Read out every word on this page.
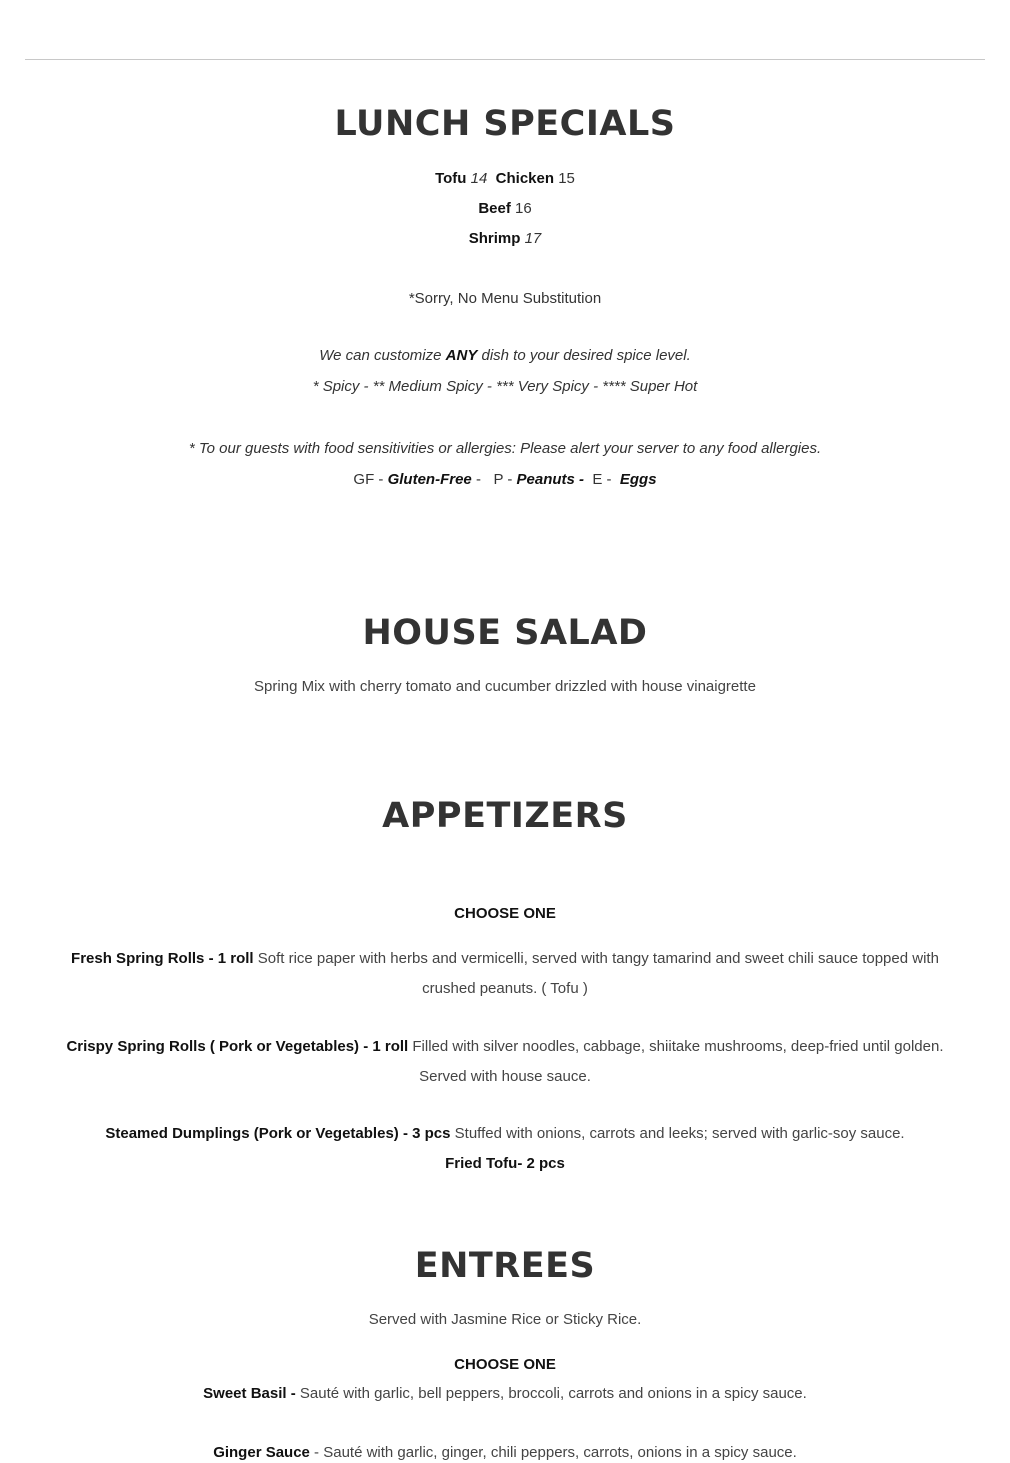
LUNCH SPECIALS
Tofu 14 Chicken 15
Beef 16
Shrimp 17
*Sorry, No Menu Substitution
We can customize ANY dish to your desired spice level.
* Spicy - ** Medium Spicy - *** Very Spicy - **** Super Hot
* To our guests with food sensitivities or allergies: Please alert your server to any food allergies.
GF - Gluten-Free -   P - Peanuts -  E -  Eggs
HOUSE SALAD
Spring Mix with cherry tomato and cucumber drizzled with house vinaigrette
APPETIZERS
CHOOSE ONE
Fresh Spring Rolls - 1 roll Soft rice paper with herbs and vermicelli, served with tangy tamarind and sweet chili sauce topped with
crushed peanuts. ( Tofu )
Crispy Spring Rolls ( Pork or Vegetables) - 1 roll Filled with silver noodles, cabbage, shiitake mushrooms, deep-fried until golden.
Served with house sauce.
Steamed Dumplings (Pork or Vegetables) - 3 pcs Stuffed with onions, carrots and leeks; served with garlic-soy sauce.
Fried Tofu- 2 pcs
ENTREES
Served with Jasmine Rice or Sticky Rice.
CHOOSE ONE
Sweet Basil - Sauté with garlic, bell peppers, broccoli, carrots and onions in a spicy sauce.
Ginger Sauce - Sauté with garlic, ginger, chili peppers, carrots, onions in a spicy sauce.
